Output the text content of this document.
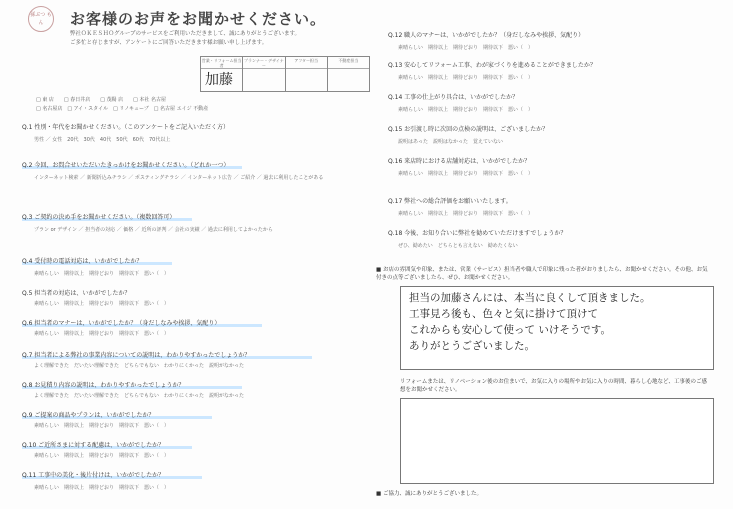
孫ぶつ もん	お客様のお声をお聞かせください。
弊社ＯＫＥＳＨＯグループのサービスをご利用いただきまして、誠にありがとうございます。
ご多忙と存じますが、アンケートにご回答いただきます様お願い申し上げます。
営業・リフォーム担当者
加藤
プランナー・デザイナー
アフター担当	不動産担当
□ 東 店　　□ 春日井店　　□ 茂陽 店　　□ 本社 名古屋
□ 名古屋店　□ アイ・スタイル　□ リノキューブ　□ 名古屋 エイジ 不動産
Q.1 性別・年代をお聞かせください。（このアンケートをご記入いただく方）
男性 ／ 女性　20代　30代　40代　50代　60代　70代以上
Q.2 今回、お問合せいただいたきっかけをお聞かせください。（どれか一つ）
インターネット検索 ／ 新聞折込みチラシ ／ ポスティングチラシ ／ インターネット広告 ／ ご紹介 ／ 過去に利用したことがある
Q.3 ご契約の決め手をお聞かせください。（複数回答可）
プラン or デザイン ／ 担当者の対応 ／ 価格 ／ 近所の評判 ／ 会社の実績 ／ 過去に利用してよかったから
Q.4 受付時の電話対応は、いかがでしたか？
素晴らしい　期待以上　期待どおり　期待以下　悪い（　）
Q.5 担当者の対応は、いかがでしたか？
素晴らしい　期待以上　期待どおり　期待以下　悪い（　）
Q.6 担当者のマナーは、いかがでしたか？（身だしなみや挨拶、気配り）
素晴らしい　期待以上　期待どおり　期待以下　悪い（　）
Q.7 担当者による弊社の事業内容についての説明は、わかりやすかったでしょうか？
よく理解できた　だいたい理解できた　どちらでもない　わかりにくかった　説明がなかった
Q.8 お見積り内容の説明は、わかりやすかったでしょうか？
よく理解できた　だいたい理解できた　どちらでもない　わかりにくかった　説明がなかった
Q.9 ご提案の商品やプランは、いかがでしたか？
素晴らしい　期待以上　期待どおり　期待以下　悪い（　）
Q.10 ご近所さまに対する配慮は、いかがでしたか？
素晴らしい　期待以上　期待どおり　期待以下　悪い（　）
Q.11 工事中の美化・後片付けは、いかがでしたか？
素晴らしい　期待以上　期待どおり　期待以下　悪い（　）
Q.12 職人のマナーは、いかがでしたか？（身だしなみや挨拶、気配り）
素晴らしい　期待以上　期待どおり　期待以下　悪い（　）
Q.13 安心してリフォーム工事、わが家づくりを進めることができましたか？
素晴らしい　期待以上　期待どおり　期待以下　悪い（　）
Q.14 工事の仕上がり具合は、いかがでしたか？
素晴らしい　期待以上　期待どおり　期待以下　悪い（　）
Q.15 お引渡し時に次回の点検の説明は、ございましたか？
説明はあった　説明はなかった　覚えていない
Q.16 来店時における店舗対応は、いかがでしたか？
素晴らしい　期待以上　期待どおり　期待以下　悪い（　）
Q.17 弊社への総合評価をお願いいたします。
素晴らしい　期待以上　期待どおり　期待以下　悪い（　）
Q.18 今後、お知り合いに弊社を勧めていただけますでしょうか？
ぜひ、勧めたい　どちらとも言えない　勧めたくない
■ お店の雰囲気や印象、または、営業（サービス）担当者や職人で印象に残った者がおりましたら、お聞かせください。その他、お気付きの点等ございましたら、ぜひ、お聞かせください。
担当の加藤さんには、本当に良くして頂きました。
工事見ろ後も、色々と気に掛けて頂けて
これからも安心して使って いけそうです。
ありがとうございました。
リフォームまたは、リノベーション後のお住まいで、お気に入りの場所やお気に入りの時間、暮らし心地など、工事後のご感想をお聞かせください。
■ ご協力、誠にありがとうございました。
